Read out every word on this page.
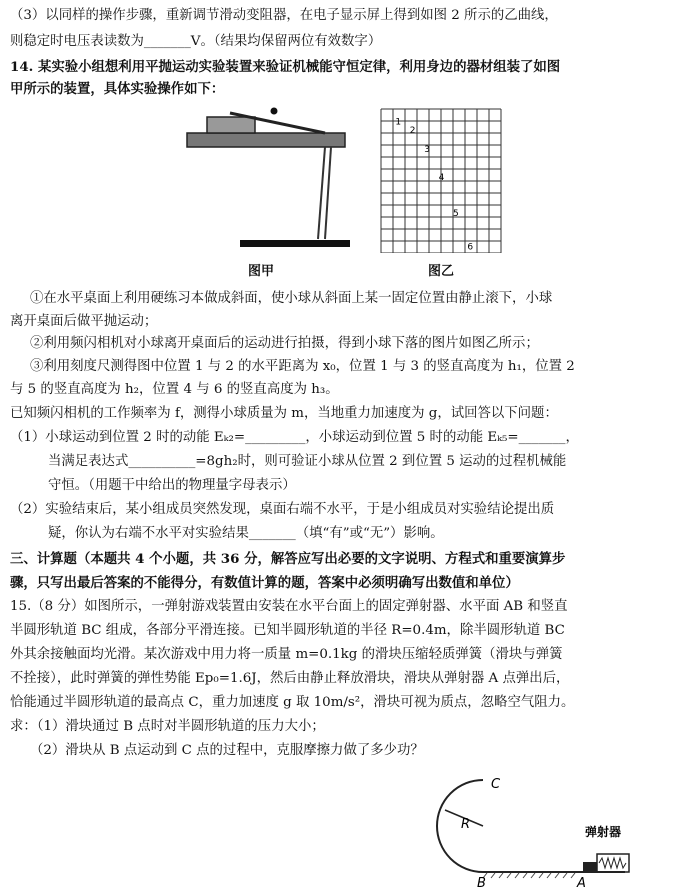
（3）以同样的操作步骤，重新调节滑动变阻器，在电子显示屏上得到如图 2 所示的乙曲线，
则稳定时电压表读数为_______V。（结果均保留两位有效数字）
14. 某实验小组想利用平抛运动实验装置来验证机械能守恒定律，利用身边的器材组装了如图
甲所示的装置，具体实验操作如下：
图甲
1
2
3
4
5
6
图乙
①在水平桌面上利用硬练习本做成斜面，使小球从斜面上某一固定位置由静止滚下，小球
离开桌面后做平抛运动；
②利用频闪相机对小球离开桌面后的运动进行拍摄，得到小球下落的图片如图乙所示；
③利用刻度尺测得图中位置 1 与 2 的水平距离为 x₀，位置 1 与 3 的竖直高度为 h₁，位置 2
与 5 的竖直高度为 h₂，位置 4 与 6 的竖直高度为 h₃。
已知频闪相机的工作频率为 f，测得小球质量为 m，当地重力加速度为 g，试回答以下问题：
（1）小球运动到位置 2 时的动能 Eₖ₂=_________，小球运动到位置 5 时的动能 Eₖ₅=_______，
当满足表达式__________=8gh₂时，则可验证小球从位置 2 到位置 5 运动的过程机械能
守恒。（用题干中给出的物理量字母表示）
（2）实验结束后，某小组成员突然发现，桌面右端不水平，于是小组成员对实验结论提出质
疑，你认为右端不水平对实验结果_______（填“有”或“无”）影响。
三、计算题（本题共 4 个小题，共 36 分，解答应写出必要的文字说明、方程式和重要演算步
骤，只写出最后答案的不能得分，有数值计算的题，答案中必须明确写出数值和单位）
15.（8 分）如图所示，一弹射游戏装置由安装在水平台面上的固定弹射器、水平面 AB 和竖直
半圆形轨道 BC 组成，各部分平滑连接。已知半圆形轨道的半径 R=0.4m，除半圆形轨道 BC
外其余接触面均光滑。某次游戏中用力将一质量 m=0.1kg 的滑块压缩轻质弹簧（滑块与弹簧
不拴接），此时弹簧的弹性势能 Ep₀=1.6J，然后由静止释放滑块，滑块从弹射器 A 点弹出后，
恰能通过半圆形轨道的最高点 C，重力加速度 g 取 10m/s²，滑块可视为质点，忽略空气阻力。
求：（1）滑块通过 B 点时对半圆形轨道的压力大小；
（2）滑块从 B 点运动到 C 点的过程中，克服摩擦力做了多少功？
C
R
B	A
弹射器
